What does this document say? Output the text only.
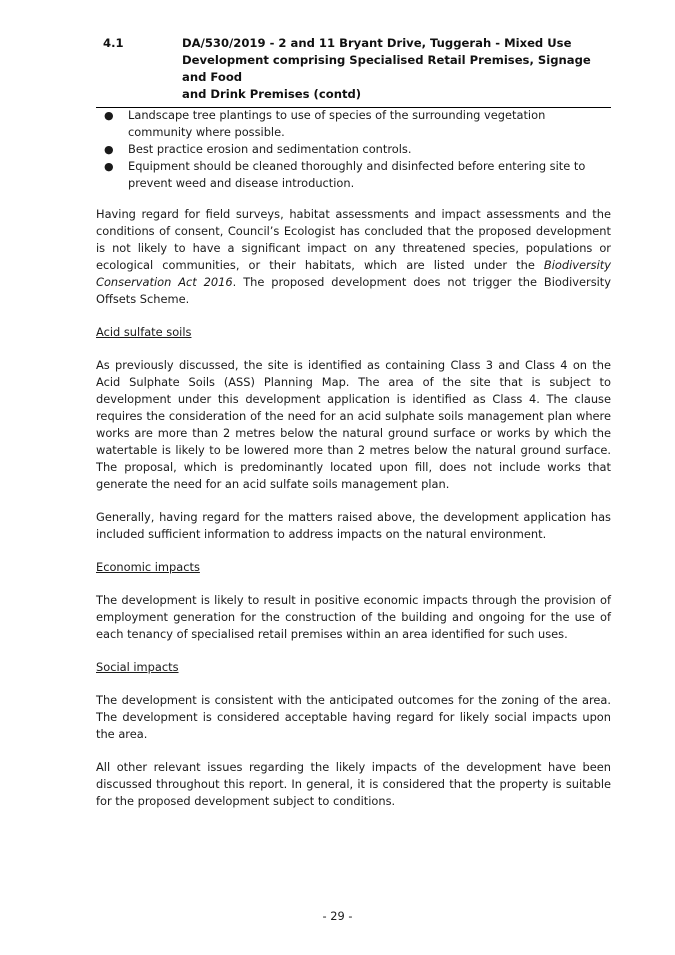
4.1	DA/530/2019 - 2 and 11 Bryant Drive, Tuggerah - Mixed Use
Development comprising Specialised Retail Premises, Signage and Food
and Drink Premises (contd)
●	Landscape tree plantings to use of species of the surrounding vegetation community where possible.
●	Best practice erosion and sedimentation controls.
●	Equipment should be cleaned thoroughly and disinfected before entering site to prevent weed and disease introduction.

Having regard for field surveys, habitat assessments and impact assessments and the conditions of consent, Council’s Ecologist has concluded that the proposed development is not likely to have a significant impact on any threatened species, populations or ecological communities, or their habitats, which are listed under the Biodiversity Conservation Act 2016. The proposed development does not trigger the Biodiversity Offsets Scheme.

Acid sulfate soils

As previously discussed, the site is identified as containing Class 3 and Class 4 on the Acid Sulphate Soils (ASS) Planning Map. The area of the site that is subject to development under this development application is identified as Class 4. The clause requires the consideration of the need for an acid sulphate soils management plan where works are more than 2 metres below the natural ground surface or works by which the watertable is likely to be lowered more than 2 metres below the natural ground surface. The proposal, which is predominantly located upon fill, does not include works that generate the need for an acid sulfate soils management plan.

Generally, having regard for the matters raised above, the development application has included sufficient information to address impacts on the natural environment.

Economic impacts

The development is likely to result in positive economic impacts through the provision of employment generation for the construction of the building and ongoing for the use of each tenancy of specialised retail premises within an area identified for such uses.

Social impacts

The development is consistent with the anticipated outcomes for the zoning of the area. The development is considered acceptable having regard for likely social impacts upon the area.

All other relevant issues regarding the likely impacts of the development have been discussed throughout this report. In general, it is considered that the property is suitable for the proposed development subject to conditions.

- 29 -
